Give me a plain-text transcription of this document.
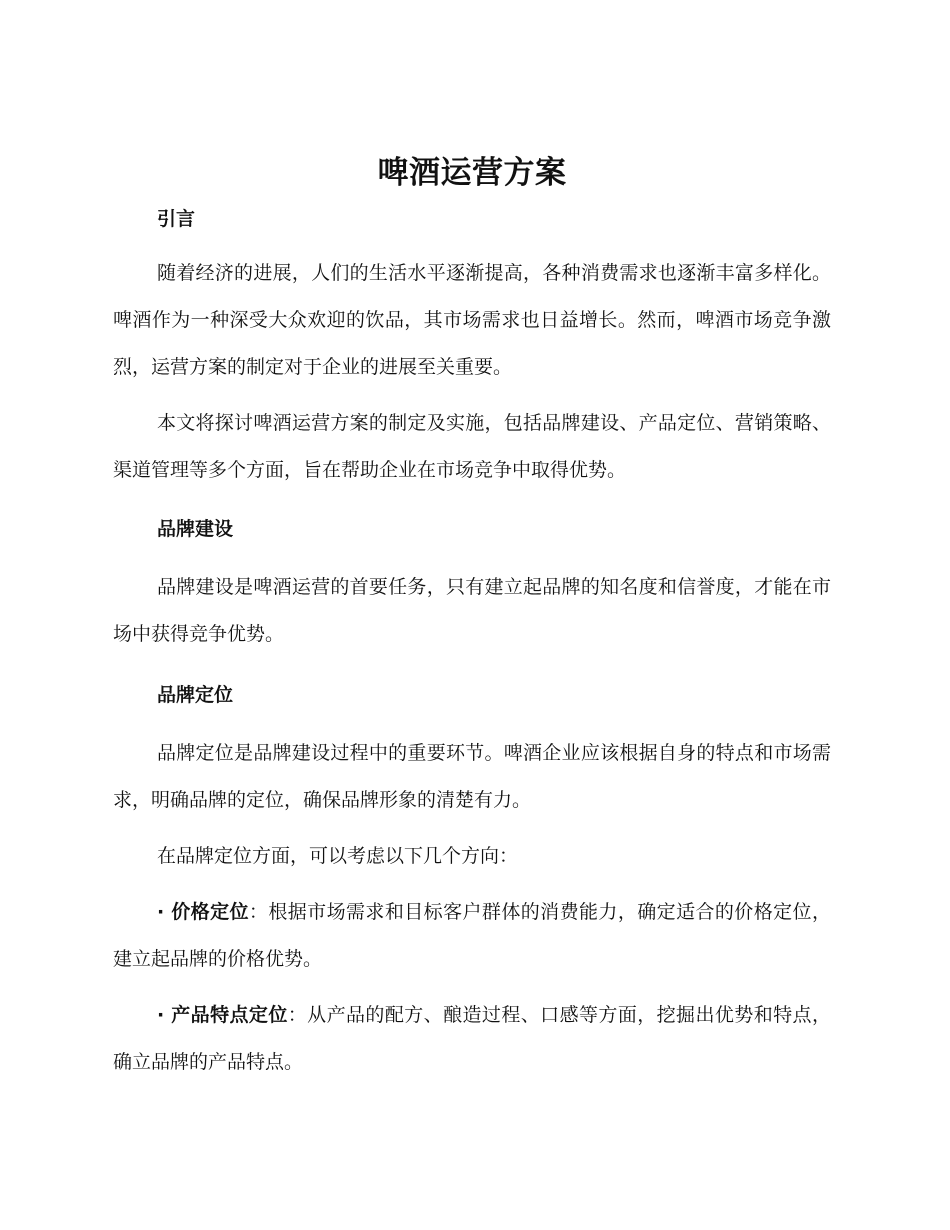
啤酒运营方案
引言

随着经济的进展，人们的生活水平逐渐提高，各种消费需求也逐渐丰富多样化。啤酒作为一种深受大众欢迎的饮品，其市场需求也日益增长。然而，啤酒市场竞争激烈，运营方案的制定对于企业的进展至关重要。

本文将探讨啤酒运营方案的制定及实施，包括品牌建设、产品定位、营销策略、渠道管理等多个方面，旨在帮助企业在市场竞争中取得优势。

品牌建设

品牌建设是啤酒运营的首要任务，只有建立起品牌的知名度和信誉度，才能在市场中获得竞争优势。

品牌定位

品牌定位是品牌建设过程中的重要环节。啤酒企业应该根据自身的特点和市场需求，明确品牌的定位，确保品牌形象的清楚有力。

在品牌定位方面，可以考虑以下几个方向：

· 价格定位：根据市场需求和目标客户群体的消费能力，确定适合的价格定位，建立起品牌的价格优势。

· 产品特点定位：从产品的配方、酿造过程、口感等方面，挖掘出优势和特点，确立品牌的产品特点。
